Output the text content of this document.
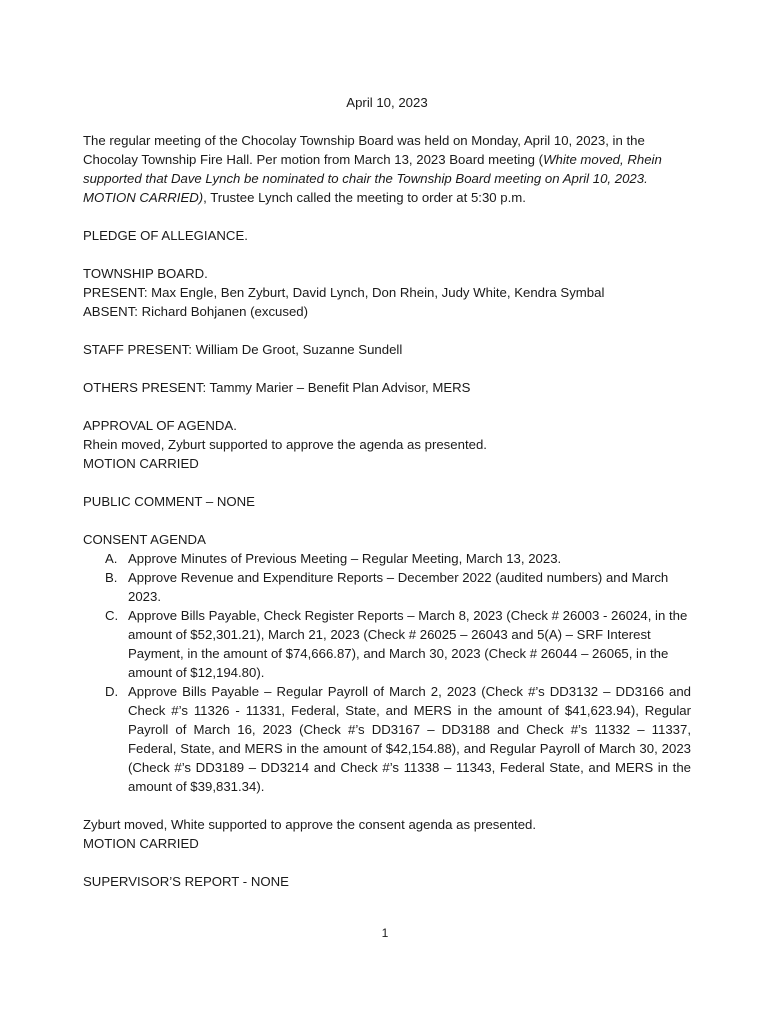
April 10, 2023

The regular meeting of the Chocolay Township Board was held on Monday, April 10, 2023, in the Chocolay Township Fire Hall. Per motion from March 13, 2023 Board meeting (White moved, Rhein supported that Dave Lynch be nominated to chair the Township Board meeting on April 10, 2023. MOTION CARRIED), Trustee Lynch called the meeting to order at 5:30 p.m.

PLEDGE OF ALLEGIANCE.

TOWNSHIP BOARD.
PRESENT: Max Engle, Ben Zyburt, David Lynch, Don Rhein, Judy White, Kendra Symbal
ABSENT: Richard Bohjanen (excused)

STAFF PRESENT: William De Groot, Suzanne Sundell

OTHERS PRESENT: Tammy Marier – Benefit Plan Advisor, MERS

APPROVAL OF AGENDA.
Rhein moved, Zyburt supported to approve the agenda as presented.
MOTION CARRIED

PUBLIC COMMENT – NONE

CONSENT AGENDA
A. Approve Minutes of Previous Meeting – Regular Meeting, March 13, 2023.
B. Approve Revenue and Expenditure Reports – December 2022 (audited numbers) and March 2023.
C. Approve Bills Payable, Check Register Reports – March 8, 2023 (Check # 26003 - 26024, in the amount of $52,301.21), March 21, 2023 (Check # 26025 – 26043 and 5(A) – SRF Interest Payment, in the amount of $74,666.87), and March 30, 2023 (Check # 26044 – 26065, in the amount of $12,194.80).
D. Approve Bills Payable – Regular Payroll of March 2, 2023 (Check #’s DD3132 – DD3166 and Check #’s 11326 - 11331, Federal, State, and MERS in the amount of $41,623.94), Regular Payroll of March 16, 2023 (Check #’s DD3167 – DD3188 and Check #’s 11332 – 11337, Federal, State, and MERS in the amount of $42,154.88), and Regular Payroll of March 30, 2023 (Check #’s DD3189 – DD3214 and Check #’s 11338 – 11343, Federal State, and MERS in the amount of $39,831.34).

Zyburt moved, White supported to approve the consent agenda as presented.
MOTION CARRIED

SUPERVISOR’S REPORT - NONE

1
